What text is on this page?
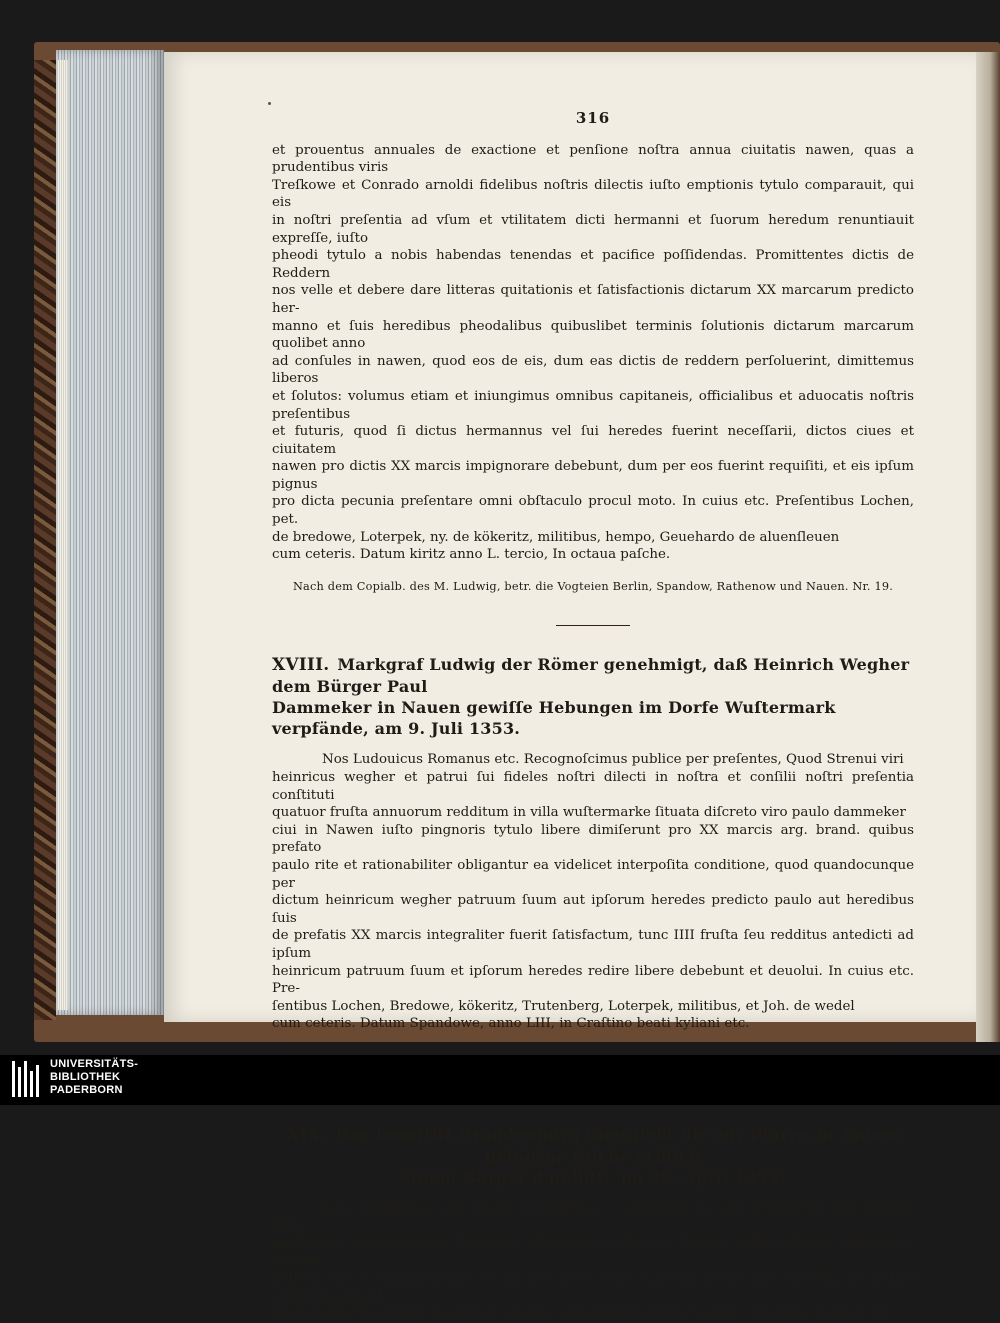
316

et prouentus annuales de exactione et penſione noſtra annua ciuitatis nawen, quas a prudentibus viris

Treſkowe et Conrado arnoldi fidelibus noſtris dilectis iuſto emptionis tytulo comparauit, qui eis

in noſtri preſentia ad vſum et vtilitatem dicti hermanni et ſuorum heredum renuntiauit expreſſe, iuſto

pheodi tytulo a nobis habendas tenendas et pacifice poſſidendas. Promittentes dictis de Reddern

nos velle et debere dare litteras quitationis et ſatisfactionis dictarum XX marcarum predicto her-

manno et ſuis heredibus pheodalibus quibuslibet terminis ſolutionis dictarum marcarum quolibet anno

ad conſules in nawen, quod eos de eis, dum eas dictis de reddern perſoluerint, dimittemus liberos

et ſolutos: volumus etiam et iniungimus omnibus capitaneis, officialibus et aduocatis noſtris preſentibus

et futuris, quod ſi dictus hermannus vel ſui heredes fuerint neceſſarii, dictos ciues et ciuitatem

nawen pro dictis XX marcis impignorare debebunt, dum per eos fuerint requiſiti, et eis ipſum pignus

pro dicta pecunia preſentare omni obſtaculo procul moto. In cuius etc. Preſentibus Lochen, pet.

de bredowe, Loterpek, ny. de kökeritz, militibus, hempo, Geuehardo de aluenſleuen

cum ceteris. Datum kiritz anno L. tercio, In octaua paſche.

Nach dem Copialb. des M. Ludwig, betr. die Vogteien Berlin, Spandow, Rathenow und Nauen. Nr. 19.
XVIII. Markgraf Ludwig der Römer genehmigt, daß Heinrich Wegher dem Bürger Paul
Dammeker in Nauen gewiſſe Hebungen im Dorfe Wuſtermark verpfände, am 9. Juli 1353.

Nos Ludouicus Romanus etc. Recognoſcimus publice per preſentes, Quod Strenui viri

heinricus wegher et patrui ſui fideles noſtri dilecti in noſtra et conſilii noſtri preſentia conſtituti

quatuor fruſta annuorum redditum in villa wuſtermarke ſituata diſcreto viro paulo dammeker

ciui in Nawen iuſto pingnoris tytulo libere dimiſerunt pro XX marcis arg. brand. quibus prefato

paulo rite et rationabiliter obligantur ea videlicet interpoſita conditione, quod quandocunque per

dictum heinricum wegher patruum ſuum aut ipſorum heredes predicto paulo aut heredibus ſuis

de prefatis XX marcis integraliter fuerit ſatisfactum, tunc IIII fruſta ſeu redditus antedicti ad ipſum

heinricum patruum ſuum et ipſorum heredes redire libere debebunt et deuolui. In cuius etc. Pre-

ſentibus Lochen, Bredowe, kökeritz, Trutenberg, Loterpek, militibus, et Joh. de wedel

cum ceteris. Datum Spandowe, anno LIII, in Craſtino beati kyliani etc.

XIX. Das Domſtift Brandenburg übergiebt die zur Pfarre zu Nauen gehörige Küche erblich
einem Bürger daſelbſt, am 20. April 1354.

Nos Thidericus, dei gratia prepoſitus et capitulum eccleſie Brandenb. preſentibus reco-

gnoſcimus, quod dominus Wernerus, plebanus eccleſie in Nowen, nobis ſubjecte, domum et curiam

ibidem, que coquina dicitur et ad dotem eccleſie ejusdem pleno jure ſpectat, de noſtro conſenſu, quoad

jus hereditatis contulit magiſtro Gerardi Carpentatori, civi in Nowen, et Elizabeth uxori ſue

UNIVERSITÄTS-
BIBLIOTHEK
PADERBORN
